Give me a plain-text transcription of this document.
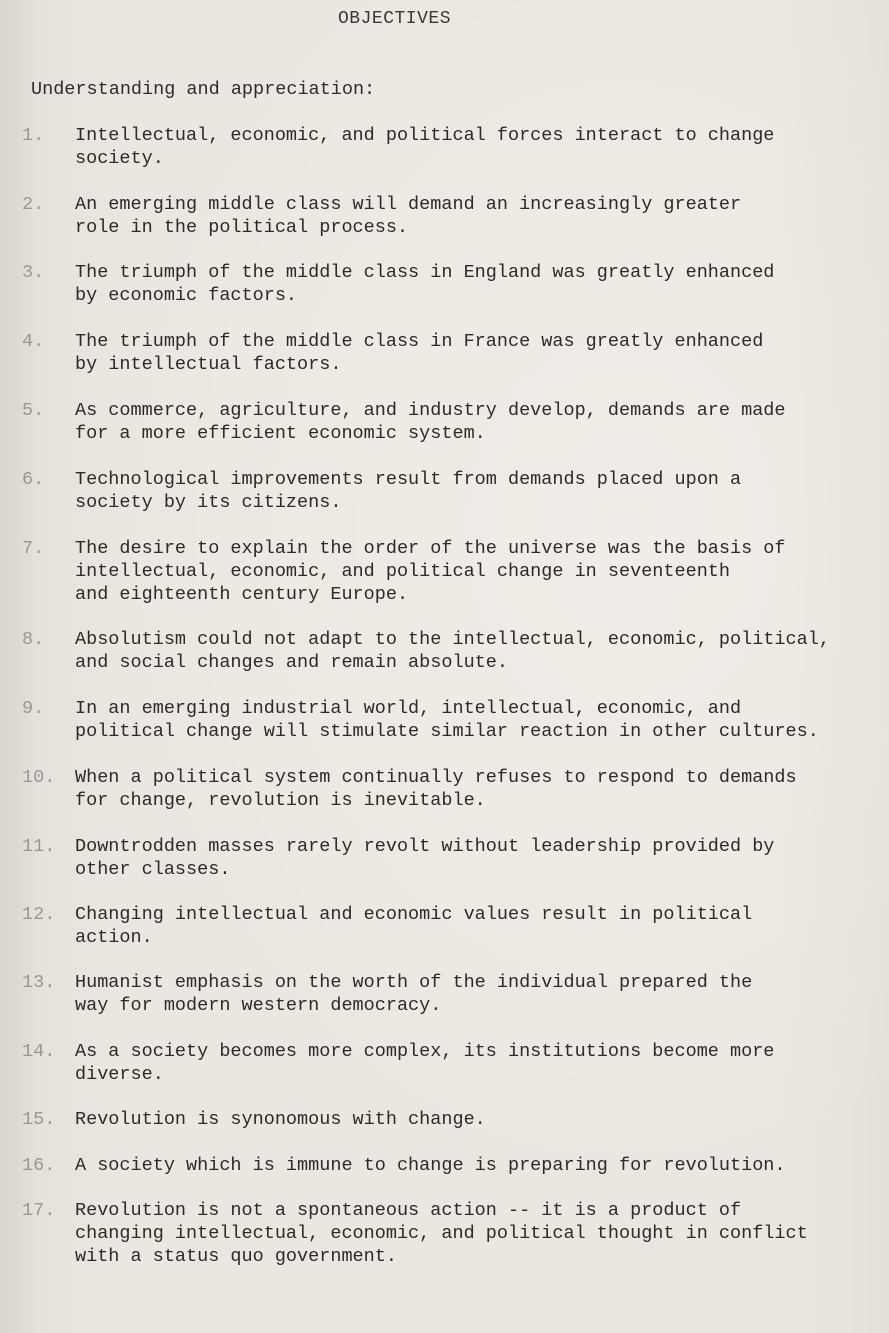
OBJECTIVES
Understanding and appreciation:
1.	Intellectual, economic, and political forces interact to change
society.
2.	An emerging middle class will demand an increasingly greater
role in the political process.
3.	The triumph of the middle class in England was greatly enhanced
by economic factors.
4.	The triumph of the middle class in France was greatly enhanced
by intellectual factors.
5.	As commerce, agriculture, and industry develop, demands are made
for a more efficient economic system.
6.	Technological improvements result from demands placed upon a
society by its citizens.
7.	The desire to explain the order of the universe was the basis of
intellectual, economic, and political change in seventeenth
and eighteenth century Europe.
8.	Absolutism could not adapt to the intellectual, economic, political,
and social changes and remain absolute.
9.	In an emerging industrial world, intellectual, economic, and
political change will stimulate similar reaction in other cultures.
10.	When a political system continually refuses to respond to demands
for change, revolution is inevitable.
11.	Downtrodden masses rarely revolt without leadership provided by
other classes.
12.	Changing intellectual and economic values result in political
action.
13.	Humanist emphasis on the worth of the individual prepared the
way for modern western democracy.
14.	As a society becomes more complex, its institutions become more
diverse.
15.	Revolution is synonomous with change.
16.	A society which is immune to change is preparing for revolution.
17.	Revolution is not a spontaneous action -- it is a product of
changing intellectual, economic, and political thought in conflict
with a status quo government.
